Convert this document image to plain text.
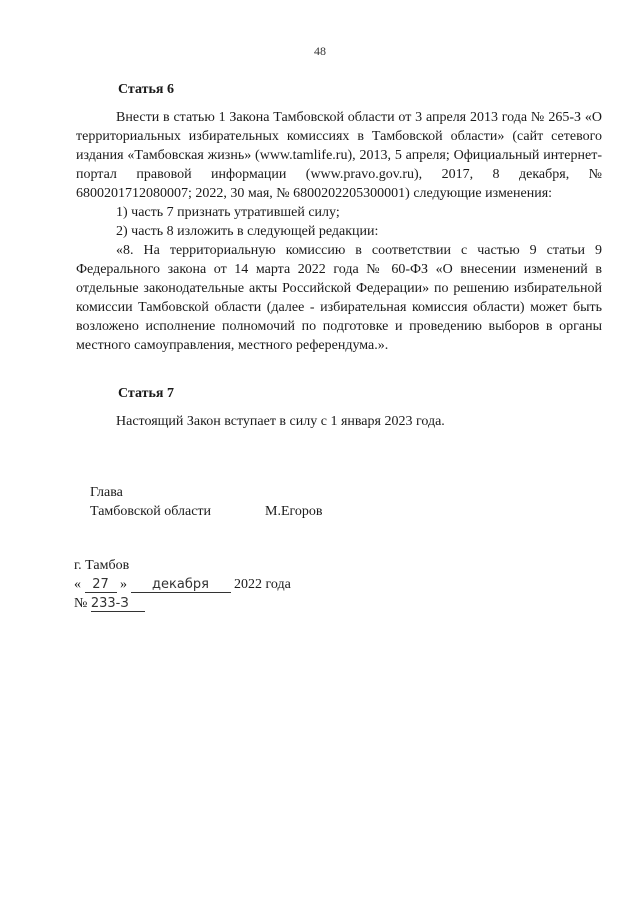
48
Статья 6

Внести в статью 1 Закона Тамбовской области от 3 апреля 2013 года № 265-З «О территориальных избирательных комиссиях в Тамбовской области» (сайт сетевого издания «Тамбовская жизнь» (www.tamlife.ru), 2013, 5 апреля; Официальный интернет-портал правовой информации (www.pravo.gov.ru), 2017, 8 декабря, № 6800201712080007; 2022, 30 мая, № 6800202205300001) следующие изменения:

1) часть 7 признать утратившей силу;

2) часть 8 изложить в следующей редакции:

«8. На территориальную комиссию в соответствии с частью 9 статьи 9 Федерального закона от 14 марта 2022 года № 60-ФЗ «О внесении изменений в отдельные законодательные акты Российской Федерации» по решению избирательной комиссии Тамбовской области (далее - избирательная комиссия области) может быть возложено исполнение полномочий по подготовке и проведению выборов в органы местного самоуправления, местного референдума.».

Статья 7

Настоящий Закон вступает в силу с 1 января 2023 года.

Глава
Тамбовской области	М.Егоров
г. Тамбов
« 27 » декабря 2022 года
№ 233-З
